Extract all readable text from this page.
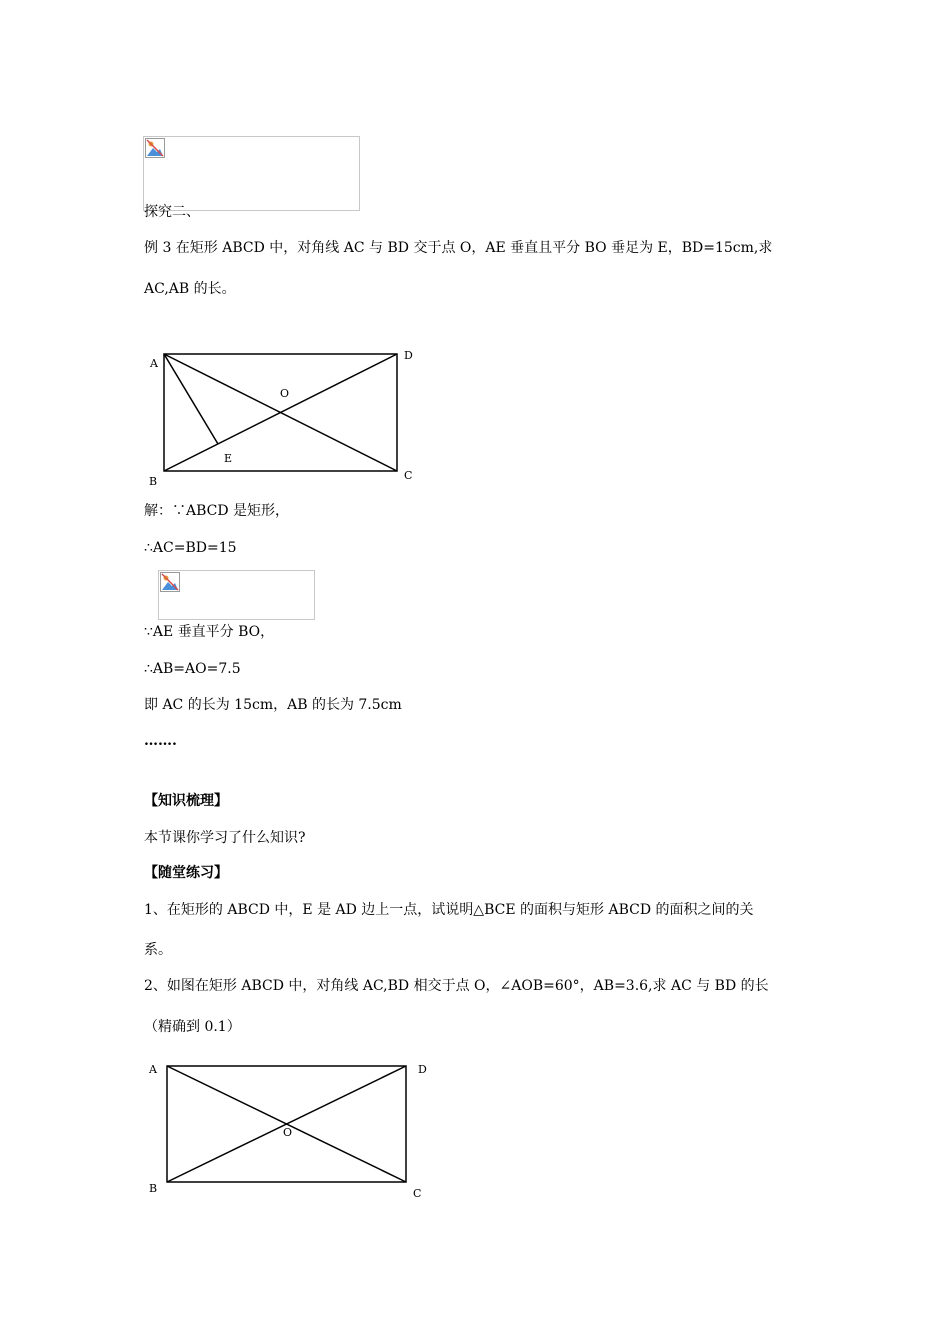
探究二、
例 3 在矩形 ABCD 中，对角线 AC 与 BD 交于点 O，AE 垂直且平分 BO 垂足为 E，BD=15cm,求
AC,AB 的长。
A
D
O
E
B	C
解：∵ABCD 是矩形，
∴AC=BD=15
∵AE 垂直平分 BO，
∴AB=AO=7.5
即 AC 的长为 15cm，AB 的长为 7.5cm
…….
【知识梳理】
本节课你学习了什么知识?
【随堂练习】
1、在矩形的 ABCD 中，E 是 AD 边上一点，试说明△BCE 的面积与矩形 ABCD 的面积之间的关
系。
2、如图在矩形 ABCD 中，对角线 AC,BD 相交于点 O，∠AOB=60°，AB=3.6,求 AC 与 BD 的长
（精确到 0.1）
A	D
O
B	C
